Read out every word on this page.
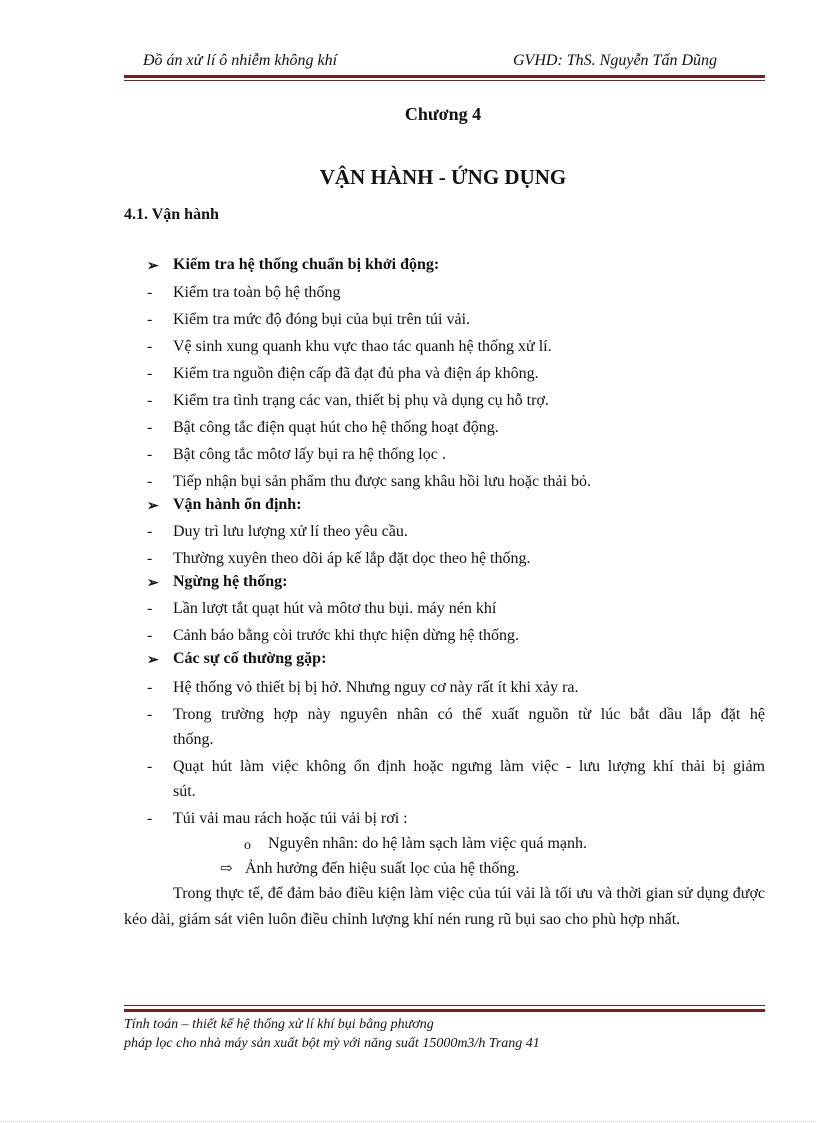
Đồ án xử lí ô nhiễm không khí	GVHD: ThS. Nguyễn Tấn Dũng
Chương 4
VẬN HÀNH - ỨNG DỤNG
4.1. Vận hành
➢ Kiểm tra hệ thống chuẩn bị khởi động:
- Kiểm tra toàn bộ hệ thống
- Kiểm tra mức độ đóng bụi của bụi trên túi vải.
- Vệ sinh xung quanh khu vực thao tác quanh hệ thống xử lí.
- Kiểm tra nguồn điện cấp đã đạt đủ pha và điện áp không.
- Kiểm tra tình trạng các van, thiết bị phụ và dụng cụ hỗ trợ.
- Bật công tắc điện quạt hút cho hệ thống hoạt động.
- Bật công tắc môtơ lấy bụi ra hệ thống lọc .
- Tiếp nhận bụi sản phẩm thu được sang khâu hồi lưu hoặc thải bỏ.
➢ Vận hành ổn định:
- Duy trì lưu lượng xử lí theo yêu cầu.
- Thường xuyên theo dõi áp kế lắp đặt dọc theo hệ thống.
➢ Ngừng hệ thống:
- Lần lượt tắt quạt hút và môtơ thu bụi. máy nén khí
- Cảnh báo bằng còi trước khi thực hiện dừng hệ thống.
➢ Các sự cố thường gặp:
- Hệ thống vỏ thiết bị bị hở. Nhưng nguy cơ này rất ít khi xảy ra.
- Trong trường hợp này nguyên nhân có thể xuất nguồn từ lúc bắt dầu lắp đặt hệ
thống.
- Quạt hút làm việc không ổn định hoặc ngưng làm việc - lưu lượng khí thải bị giảm
sút.
- Túi vải mau rách hoặc túi vải bị rơi :
o Nguyên nhân: do hệ làm sạch làm việc quá mạnh.
⇨ Ảnh hưởng đến hiệu suất lọc của hệ thống.
Trong thực tế, để đảm bảo điều kiện làm việc của túi vải là tối ưu và thời gian sử dụng được kéo dài, giám sát viên luôn điều chỉnh lượng khí nén rung rũ bụi sao cho phù hợp nhất.
Tính toán – thiết kế hệ thống xử lí khí bụi bằng phương
pháp lọc cho nhà máy sản xuất bột mỳ với năng suất 15000m3/h Trang 41
